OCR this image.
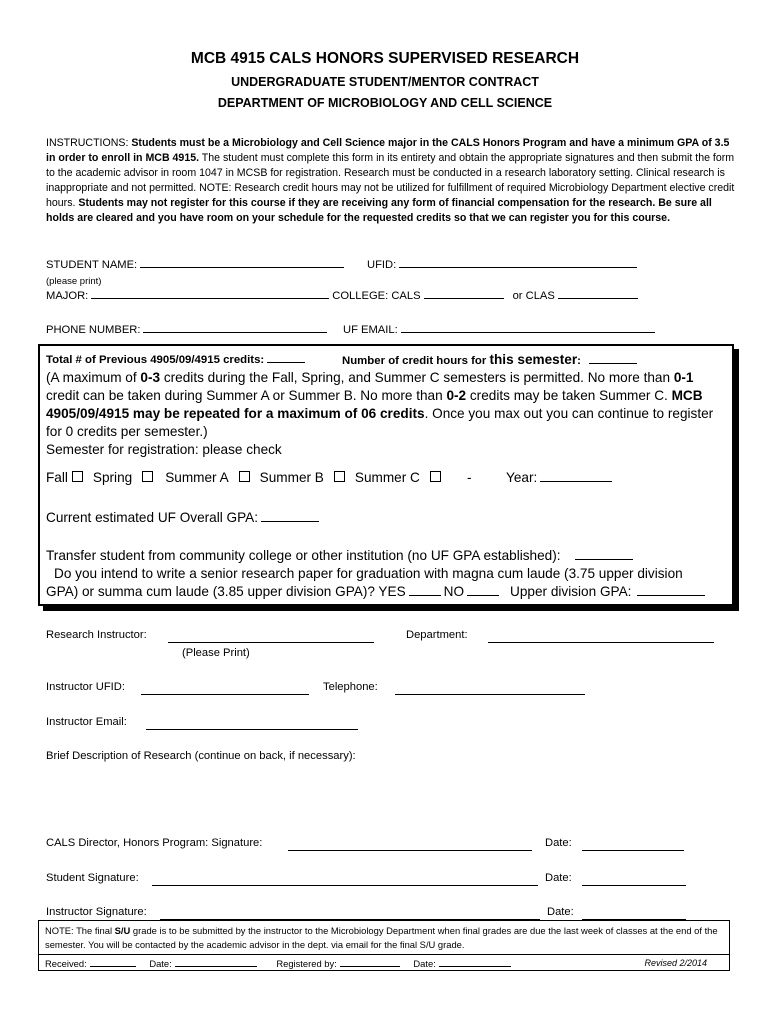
MCB 4915 CALS HONORS SUPERVISED RESEARCH
UNDERGRADUATE STUDENT/MENTOR CONTRACT
DEPARTMENT OF MICROBIOLOGY AND CELL SCIENCE
INSTRUCTIONS: Students must be a Microbiology and Cell Science major in the CALS Honors Program and have a minimum GPA of 3.5 in order to enroll in MCB 4915. The student must complete this form in its entirety and obtain the appropriate signatures and then submit the form to the academic advisor in room 1047 in MCSB for registration. Research must be conducted in a research laboratory setting. Clinical research is inappropriate and not permitted. NOTE: Research credit hours may not be utilized for fulfillment of required Microbiology Department elective credit hours. Students may not register for this course if they are receiving any form of financial compensation for the research. Be sure all holds are cleared and you have room on your schedule for the requested credits so that we can register you for this course.
STUDENT NAME:	UFID:
(please print)
MAJOR:	COLLEGE: CALS	or CLAS
PHONE NUMBER:	UF EMAIL:
Total # of Previous 4905/09/4915 credits:	Number of credit hours for this semester:
(A maximum of 0-3 credits during the Fall, Spring, and Summer C semesters is permitted. No more than 0-1
credit can be taken during Summer A or Summer B. No more than 0-2 credits may be taken Summer C. MCB
4905/09/4915 may be repeated for a maximum of 06 credits. Once you max out you can continue to register
for 0 credits per semester.)
Semester for registration: please check
Fall Spring Summer A Summer B Summer C	-	Year:
Current estimated UF Overall GPA:
Transfer student from community college or other institution (no UF GPA established):
Do you intend to write a senior research paper for graduation with magna cum laude (3.75 upper division
GPA) or summa cum laude (3.85 upper division GPA)? YES	NO	Upper division GPA:
Research Instructor:	Department:
(Please Print)
Instructor UFID:	Telephone:
Instructor Email:
Brief Description of Research (continue on back, if necessary):
CALS Director, Honors Program: Signature:	Date:
Student Signature:	Date:
Instructor Signature:	Date:
NOTE: The final S/U grade is to be submitted by the instructor to the Microbiology Department when final grades are due the last week of classes at the end of the semester. You will be contacted by the academic advisor in the dept. via email for the final S/U grade.
Received:	Date:	Registered by:	Date:	Revised 2/2014
